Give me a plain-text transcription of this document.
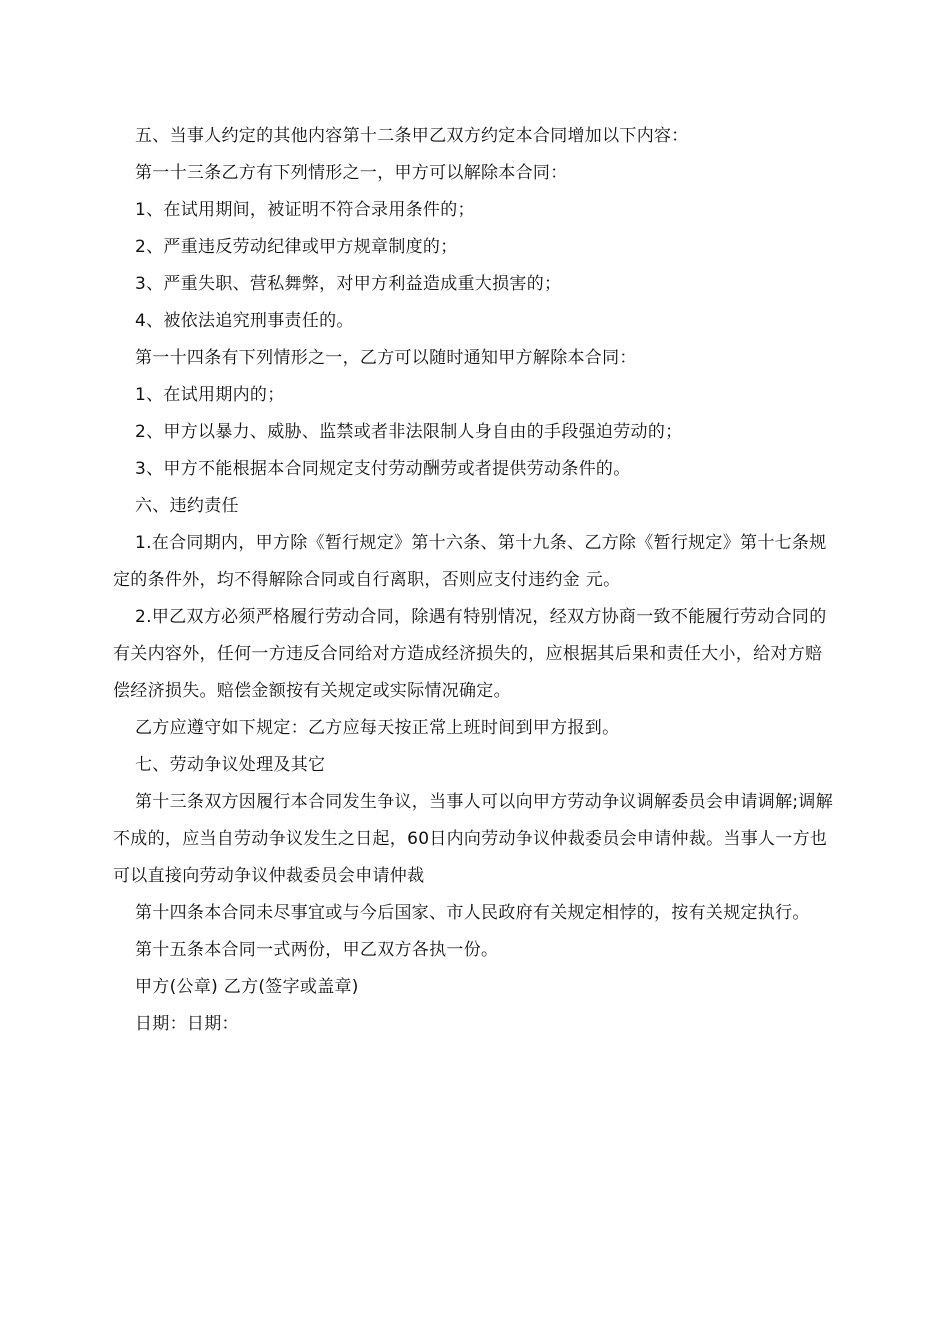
五、当事人约定的其他内容第十二条甲乙双方约定本合同增加以下内容：

第一十三条乙方有下列情形之一，甲方可以解除本合同：

1、在试用期间，被证明不符合录用条件的；

2、严重违反劳动纪律或甲方规章制度的；

3、严重失职、营私舞弊，对甲方利益造成重大损害的；

4、被依法追究刑事责任的。

第一十四条有下列情形之一，乙方可以随时通知甲方解除本合同：

1、在试用期内的；

2、甲方以暴力、威胁、监禁或者非法限制人身自由的手段强迫劳动的；

3、甲方不能根据本合同规定支付劳动酬劳或者提供劳动条件的。

六、违约责任

1.在合同期内，甲方除《暂行规定》第十六条、第十九条、乙方除《暂行规定》第十七条规定的条件外，均不得解除合同或自行离职，否则应支付违约金 元。

2.甲乙双方必须严格履行劳动合同，除遇有特别情况，经双方协商一致不能履行劳动合同的有关内容外，任何一方违反合同给对方造成经济损失的，应根据其后果和责任大小，给对方赔偿经济损失。赔偿金额按有关规定或实际情况确定。

乙方应遵守如下规定：乙方应每天按正常上班时间到甲方报到。

七、劳动争议处理及其它

第十三条双方因履行本合同发生争议，当事人可以向甲方劳动争议调解委员会申请调解;调解不成的，应当自劳动争议发生之日起，60日内向劳动争议仲裁委员会申请仲裁。当事人一方也可以直接向劳动争议仲裁委员会申请仲裁

第十四条本合同未尽事宜或与今后国家、市人民政府有关规定相悖的，按有关规定执行。

第十五条本合同一式两份，甲乙双方各执一份。

甲方(公章) 乙方(签字或盖章)

日期：日期：
